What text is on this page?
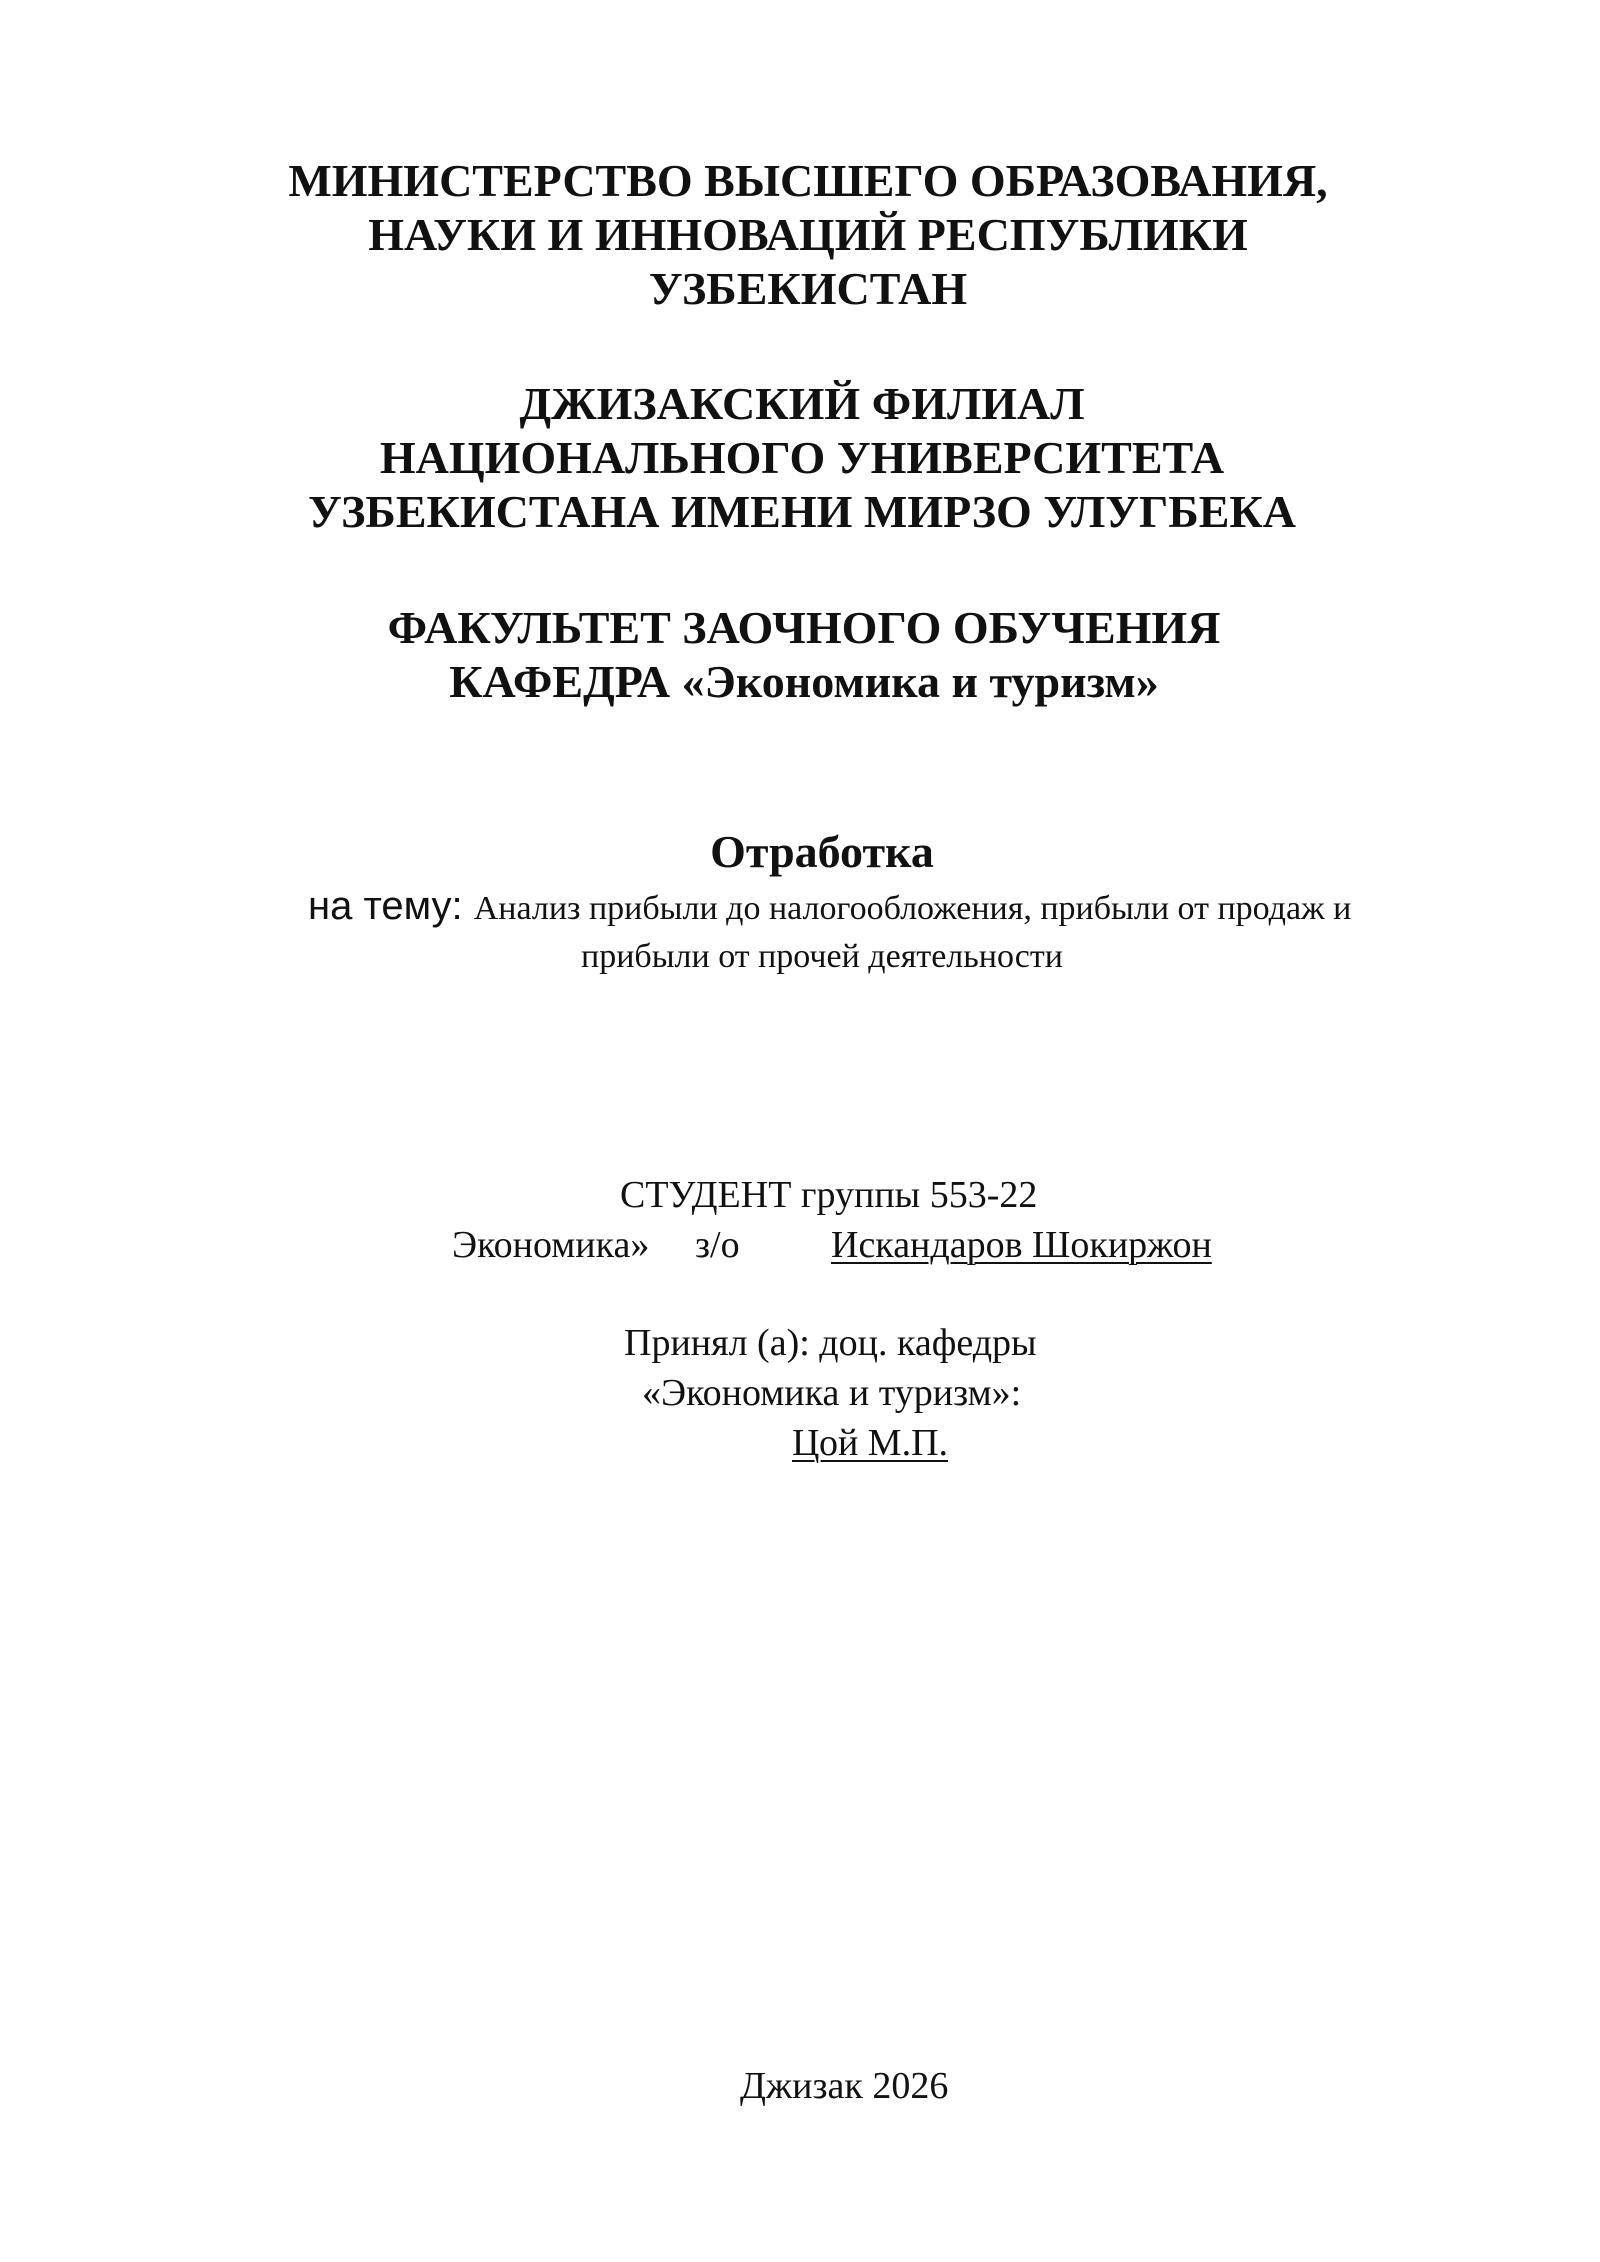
МИНИСТЕРСТВО ВЫСШЕГО ОБРАЗОВАНИЯ,
НАУКИ И ИННОВАЦИЙ РЕСПУБЛИКИ
УЗБЕКИСТАН
ДЖИЗАКСКИЙ ФИЛИАЛ
НАЦИОНАЛЬНОГО УНИВЕРСИТЕТА
УЗБЕКИСТАНА ИМЕНИ МИРЗО УЛУГБЕКА
ФАКУЛЬТЕТ ЗАОЧНОГО ОБУЧЕНИЯ
КАФЕДРА «Экономика и туризм»
Отработка
на тему: Анализ прибыли до налогообложения, прибыли от продаж и
прибыли от прочей деятельности
СТУДЕНТ группы 553-22
Экономика» з/о Искандаров Шокиржон
Принял (а): доц. кафедры
«Экономика и туризм»:
Цой М.П.
Джизак 2026
